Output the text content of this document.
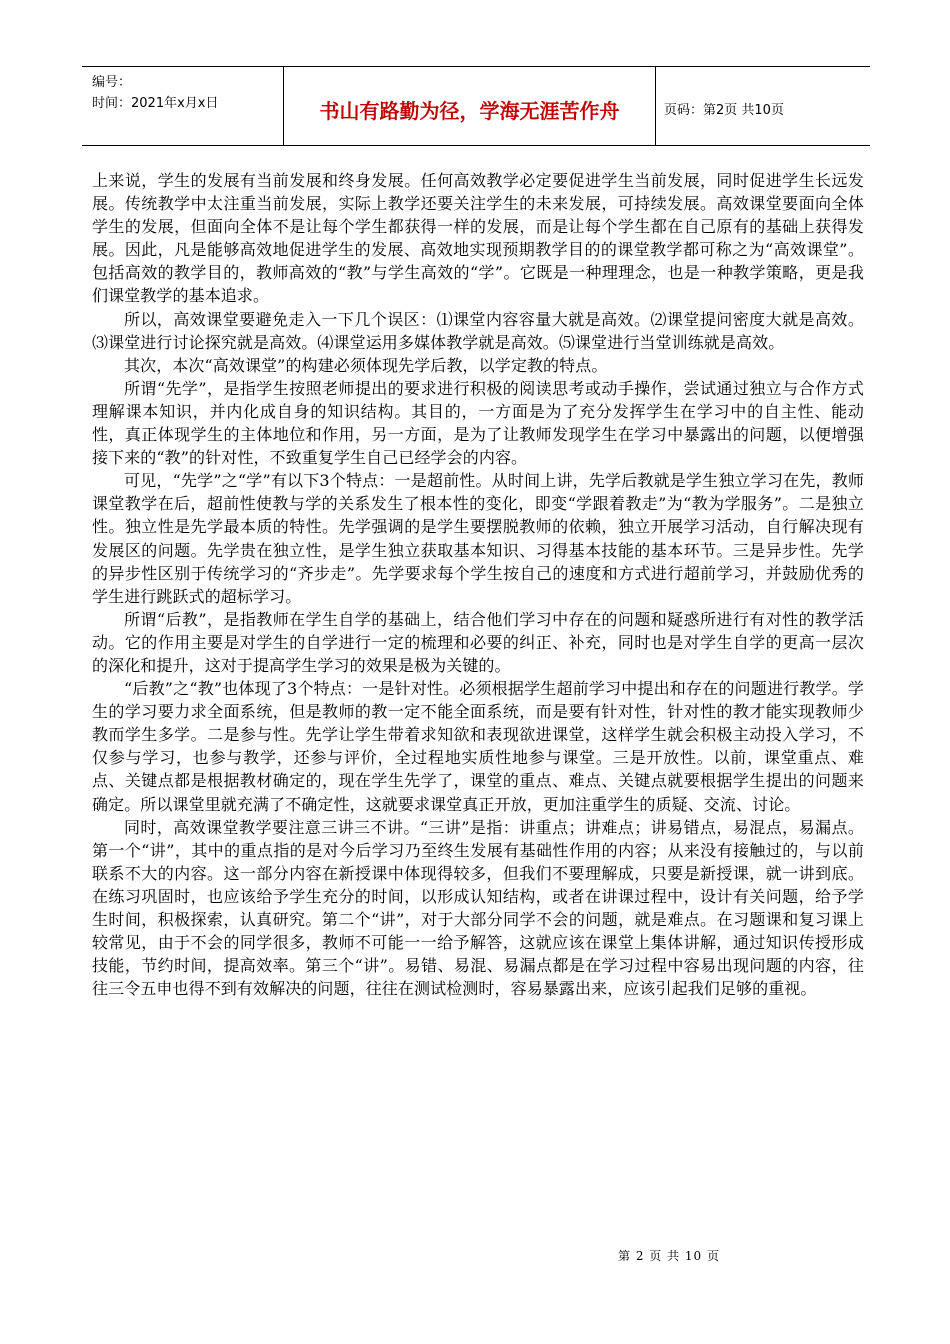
编号：
时间：2021年x月x日	书山有路勤为径，学海无涯苦作舟	页码：第2页 共10页

上来说，学生的发展有当前发展和终身发展。任何高效教学必定要促进学生当前发展，同时促进学生长远发展。传统教学中太注重当前发展，实际上教学还要关注学生的未来发展，可持续发展。高效课堂要面向全体学生的发展，但面向全体不是让每个学生都获得一样的发展，而是让每个学生都在自己原有的基础上获得发展。因此，凡是能够高效地促进学生的发展、高效地实现预期教学目的的课堂教学都可称之为“高效课堂”。包括高效的教学目的，教师高效的“教”与学生高效的“学”。它既是一种理理念，也是一种教学策略，更是我们课堂教学的基本追求。

所以，高效课堂要避免走入一下几个误区：⑴课堂内容容量大就是高效。⑵课堂提问密度大就是高效。⑶课堂进行讨论探究就是高效。⑷课堂运用多媒体教学就是高效。⑸课堂进行当堂训练就是高效。

其次，本次“高效课堂”的构建必须体现先学后教，以学定教的特点。

所谓“先学”，是指学生按照老师提出的要求进行积极的阅读思考或动手操作，尝试通过独立与合作方式理解课本知识，并内化成自身的知识结构。其目的，一方面是为了充分发挥学生在学习中的自主性、能动性，真正体现学生的主体地位和作用，另一方面，是为了让教师发现学生在学习中暴露出的问题，以便增强接下来的“教”的针对性，不致重复学生自己已经学会的内容。

可见，“先学”之“学”有以下3个特点：一是超前性。从时间上讲，先学后教就是学生独立学习在先，教师课堂教学在后，超前性使教与学的关系发生了根本性的变化，即变“学跟着教走”为“教为学服务”。二是独立性。独立性是先学最本质的特性。先学强调的是学生要摆脱教师的依赖，独立开展学习活动，自行解决现有发展区的问题。先学贵在独立性，是学生独立获取基本知识、习得基本技能的基本环节。三是异步性。先学的异步性区别于传统学习的“齐步走”。先学要求每个学生按自己的速度和方式进行超前学习，并鼓励优秀的学生进行跳跃式的超标学习。

所谓“后教”，是指教师在学生自学的基础上，结合他们学习中存在的问题和疑惑所进行有对性的教学活动。它的作用主要是对学生的自学进行一定的梳理和必要的纠正、补充，同时也是对学生自学的更高一层次的深化和提升，这对于提高学生学习的效果是极为关键的。

“后教”之“教”也体现了3个特点：一是针对性。必须根据学生超前学习中提出和存在的问题进行教学。学生的学习要力求全面系统，但是教师的教一定不能全面系统，而是要有针对性，针对性的教才能实现教师少教而学生多学。二是参与性。先学让学生带着求知欲和表现欲进课堂，这样学生就会积极主动投入学习，不仅参与学习，也参与教学，还参与评价，全过程地实质性地参与课堂。三是开放性。以前，课堂重点、难点、关键点都是根据教材确定的，现在学生先学了，课堂的重点、难点、关键点就要根据学生提出的问题来确定。所以课堂里就充满了不确定性，这就要求课堂真正开放，更加注重学生的质疑、交流、讨论。

同时，高效课堂教学要注意三讲三不讲。“三讲”是指：讲重点；讲难点；讲易错点，易混点，易漏点。第一个“讲”，其中的重点指的是对今后学习乃至终生发展有基础性作用的内容；从来没有接触过的，与以前联系不大的内容。这一部分内容在新授课中体现得较多，但我们不要理解成，只要是新授课，就一讲到底。在练习巩固时，也应该给予学生充分的时间，以形成认知结构，或者在讲课过程中，设计有关问题，给予学生时间，积极探索，认真研究。第二个“讲”，对于大部分同学不会的问题，就是难点。在习题课和复习课上较常见，由于不会的同学很多，教师不可能一一给予解答，这就应该在课堂上集体讲解，通过知识传授形成技能，节约时间，提高效率。第三个“讲”。易错、易混、易漏点都是在学习过程中容易出现问题的内容，往往三令五申也得不到有效解决的问题，往往在测试检测时，容易暴露出来，应该引起我们足够的重视。

第 2 页 共 10 页
